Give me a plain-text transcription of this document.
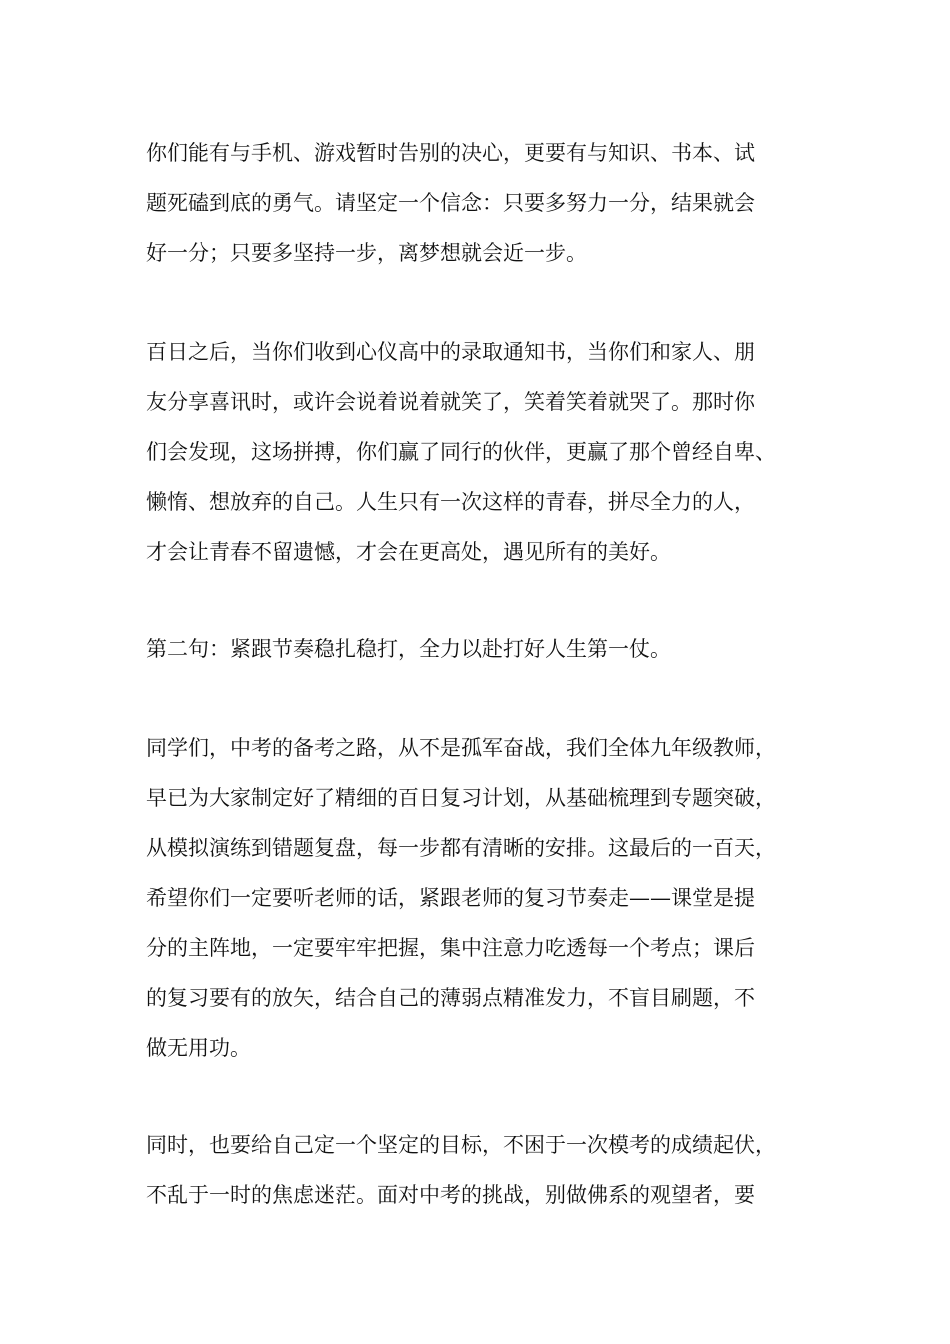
你们能有与手机、游戏暂时告别的决心，更要有与知识、书本、试
题死磕到底的勇气。请坚定一个信念：只要多努力一分，结果就会
好一分；只要多坚持一步，离梦想就会近一步。
百日之后，当你们收到心仪高中的录取通知书，当你们和家人、朋
友分享喜讯时，或许会说着说着就笑了，笑着笑着就哭了。那时你
们会发现，这场拼搏，你们赢了同行的伙伴，更赢了那个曾经自卑、
懒惰、想放弃的自己。人生只有一次这样的青春，拼尽全力的人，
才会让青春不留遗憾，才会在更高处，遇见所有的美好。
第二句：紧跟节奏稳扎稳打，全力以赴打好人生第一仗。
同学们，中考的备考之路，从不是孤军奋战，我们全体九年级教师，
早已为大家制定好了精细的百日复习计划，从基础梳理到专题突破，
从模拟演练到错题复盘，每一步都有清晰的安排。这最后的一百天，
希望你们一定要听老师的话，紧跟老师的复习节奏走——课堂是提
分的主阵地，一定要牢牢把握，集中注意力吃透每一个考点；课后
的复习要有的放矢，结合自己的薄弱点精准发力，不盲目刷题，不
做无用功。
同时，也要给自己定一个坚定的目标，不困于一次模考的成绩起伏，
不乱于一时的焦虑迷茫。面对中考的挑战，别做佛系的观望者，要
